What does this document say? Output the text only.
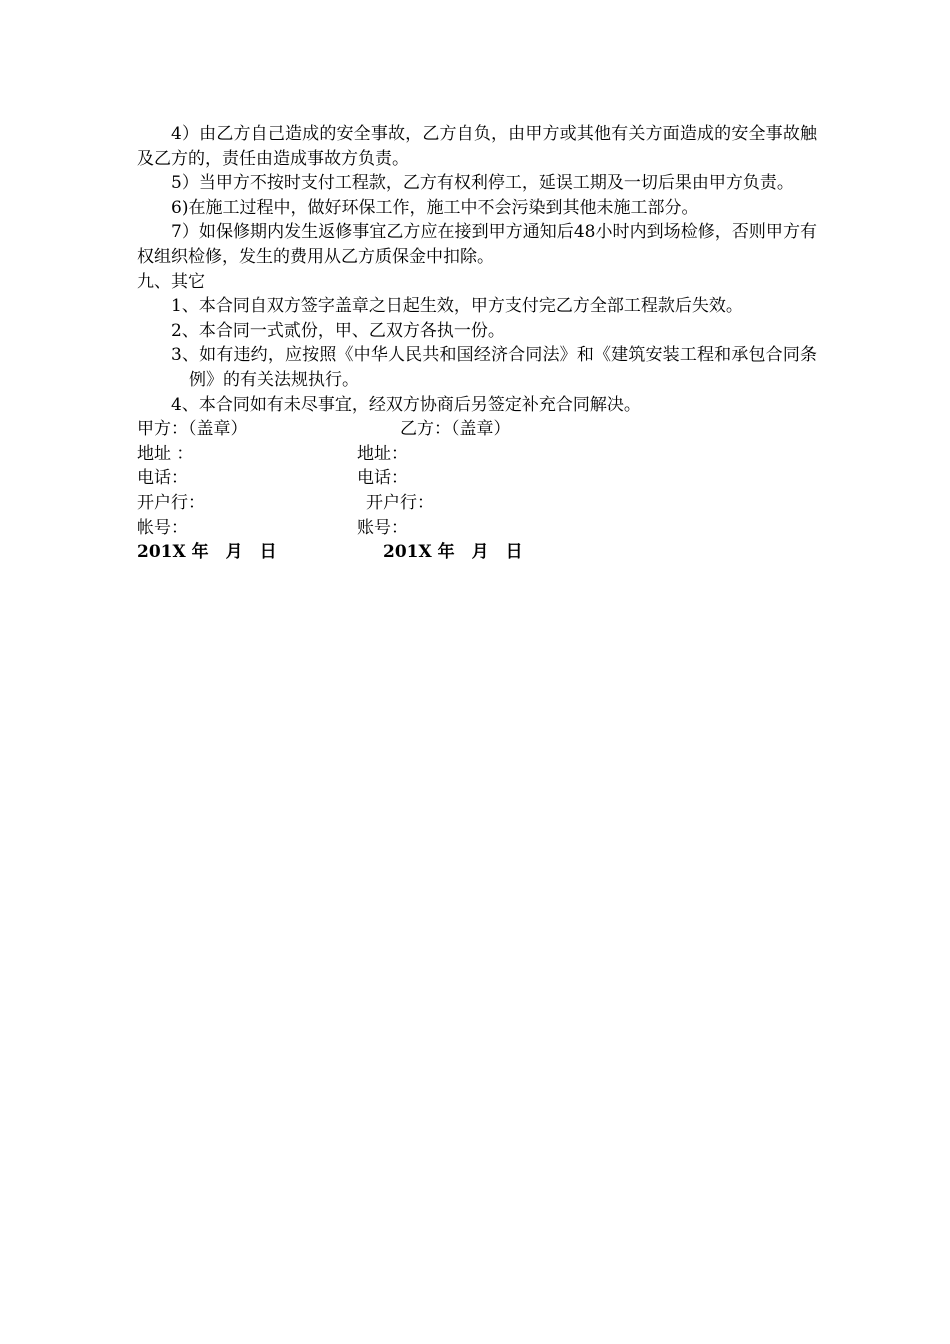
4）由乙方自己造成的安全事故，乙方自负，由甲方或其他有关方面造成的安全事故触及乙方的，责任由造成事故方负责。

5）当甲方不按时支付工程款，乙方有权利停工，延误工期及一切后果由甲方负责。

6)在施工过程中，做好环保工作，施工中不会污染到其他未施工部分。

7）如保修期内发生返修事宜乙方应在接到甲方通知后48小时内到场检修，否则甲方有权组织检修，发生的费用从乙方质保金中扣除。

九、其它

1、本合同自双方签字盖章之日起生效，甲方支付完乙方全部工程款后失效。

2、本合同一式贰份，甲、乙双方各执一份。

3、如有违约，应按照《中华人民共和国经济合同法》和《建筑安装工程和承包合同条例》的有关法规执行。

4、本合同如有未尽事宜，经双方协商后另签定补充合同解决。

甲方：（盖章）	乙方：（盖章）
地址 ：	地址：
电话：	电话：
开户行：	开户行：
帐号：	账号：
201X 年　月　日	201X 年　月　日
